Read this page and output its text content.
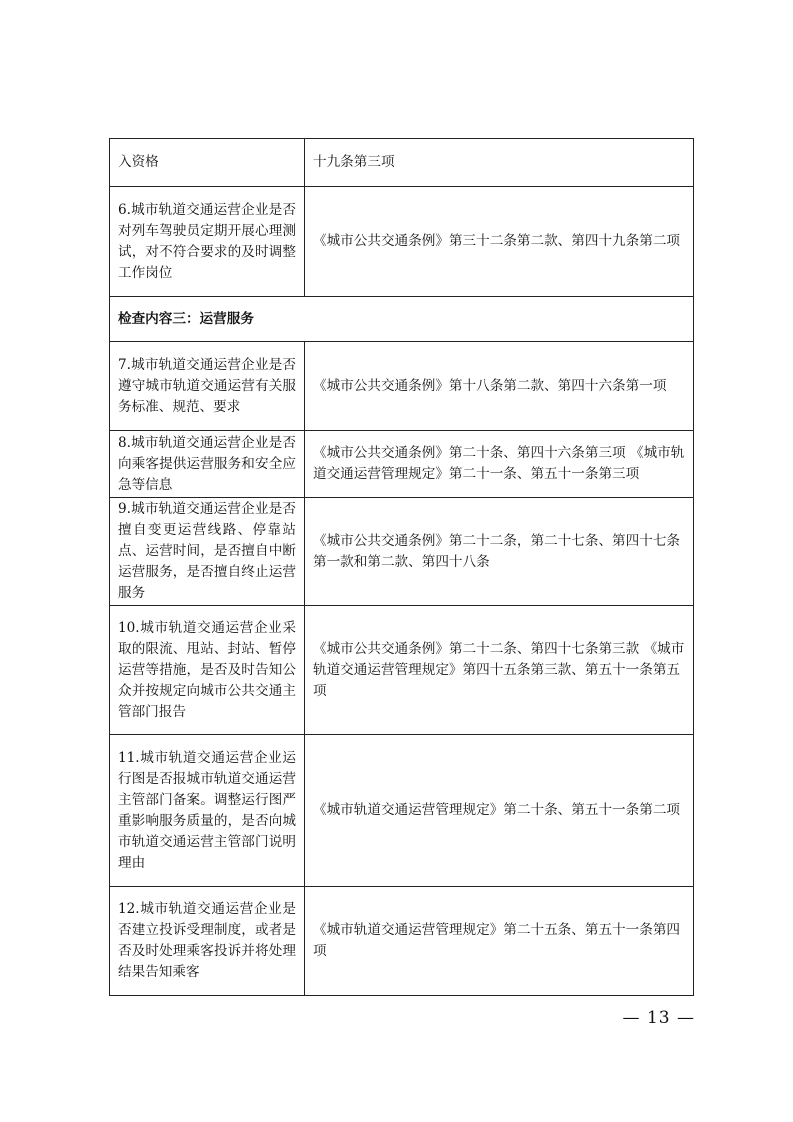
入资格	十九条第三项
6.城市轨道交通运营企业是否对列车驾驶员定期开展心理测试，对不符合要求的及时调整工作岗位	《城市公共交通条例》第三十二条第二款、第四十九条第二项
检查内容三：运营服务	
7.城市轨道交通运营企业是否遵守城市轨道交通运营有关服务标准、规范、要求	《城市公共交通条例》第十八条第二款、第四十六条第一项
8.城市轨道交通运营企业是否向乘客提供运营服务和安全应急等信息	《城市公共交通条例》第二十条、第四十六条第三项 《城市轨道交通运营管理规定》第二十一条、第五十一条第三项
9.城市轨道交通运营企业是否擅自变更运营线路、停靠站点、运营时间，是否擅自中断运营服务，是否擅自终止运营服务	《城市公共交通条例》第二十二条，第二十七条、第四十七条第一款和第二款、第四十八条
10.城市轨道交通运营企业采取的限流、甩站、封站、暂停运营等措施，是否及时告知公众并按规定向城市公共交通主管部门报告	《城市公共交通条例》第二十二条、第四十七条第三款 《城市轨道交通运营管理规定》第四十五条第三款、第五十一条第五项
11.城市轨道交通运营企业运行图是否报城市轨道交通运营主管部门备案。调整运行图严重影响服务质量的，是否向城市轨道交通运营主管部门说明理由	《城市轨道交通运营管理规定》第二十条、第五十一条第二项
12.城市轨道交通运营企业是否建立投诉受理制度，或者是否及时处理乘客投诉并将处理结果告知乘客	《城市轨道交通运营管理规定》第二十五条、第五十一条第四项
— 13 —
